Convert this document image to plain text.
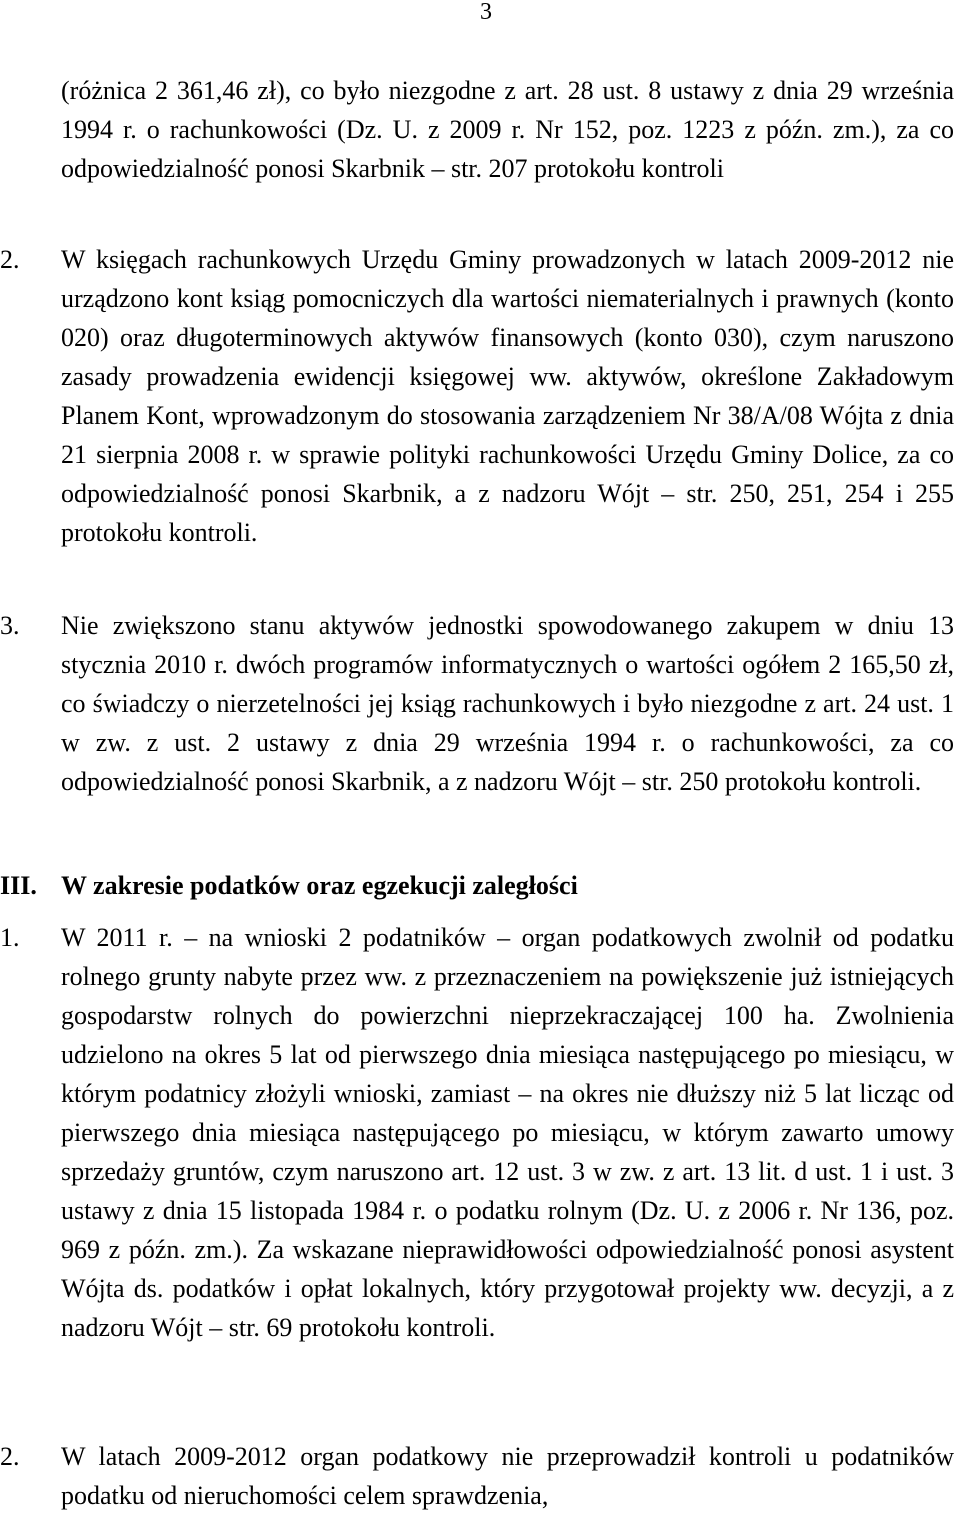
3

(różnica 2 361,46 zł), co było niezgodne z art. 28 ust. 8 ustawy z dnia 29 września 1994 r. o rachunkowości (Dz. U. z 2009 r. Nr 152, poz. 1223 z późn. zm.), za co odpowiedzialność ponosi Skarbnik – str. 207 protokołu kontroli

2.	W księgach rachunkowych Urzędu Gminy prowadzonych w latach 2009-2012 nie urządzono kont ksiąg pomocniczych dla wartości niematerialnych i prawnych (konto 020) oraz długoterminowych aktywów finansowych (konto 030), czym naruszono zasady prowadzenia ewidencji księgowej ww. aktywów, określone Zakładowym Planem Kont, wprowadzonym do stosowania zarządzeniem Nr 38/A/08 Wójta z dnia 21 sierpnia 2008 r. w sprawie polityki rachunkowości Urzędu Gminy Dolice, za co odpowiedzialność ponosi Skarbnik, a z nadzoru Wójt – str. 250, 251, 254 i 255 protokołu kontroli.

3.	Nie zwiększono stanu aktywów jednostki spowodowanego zakupem w dniu 13 stycznia 2010 r. dwóch programów informatycznych o wartości ogółem 2 165,50 zł, co świadczy o nierzetelności jej ksiąg rachunkowych i było niezgodne z art. 24 ust. 1 w zw. z ust. 2 ustawy z dnia 29 września 1994 r. o rachunkowości, za co odpowiedzialność ponosi Skarbnik, a z nadzoru Wójt – str. 250 protokołu kontroli.

III. W zakresie podatków oraz egzekucji zaległości

1.	W 2011 r. – na wnioski 2 podatników – organ podatkowych zwolnił od podatku rolnego grunty nabyte przez ww. z przeznaczeniem na powiększenie już istniejących gospodarstw rolnych do powierzchni nieprzekraczającej 100 ha. Zwolnienia udzielono na okres 5 lat od pierwszego dnia miesiąca następującego po miesiącu, w którym podatnicy złożyli wnioski, zamiast – na okres nie dłuższy niż 5 lat licząc od pierwszego dnia miesiąca następującego po miesiącu, w którym zawarto umowy sprzedaży gruntów, czym naruszono art. 12 ust. 3 w zw. z art. 13 lit. d ust. 1 i ust. 3 ustawy z dnia 15 listopada 1984 r. o podatku rolnym (Dz. U. z 2006 r. Nr 136, poz. 969 z późn. zm.). Za wskazane nieprawidłowości odpowiedzialność ponosi asystent Wójta ds. podatków i opłat lokalnych, który przygotował projekty ww. decyzji, a z nadzoru Wójt – str. 69 protokołu kontroli.

2.	W latach 2009-2012 organ podatkowy nie przeprowadził kontroli u podatników podatku od nieruchomości celem sprawdzenia,
